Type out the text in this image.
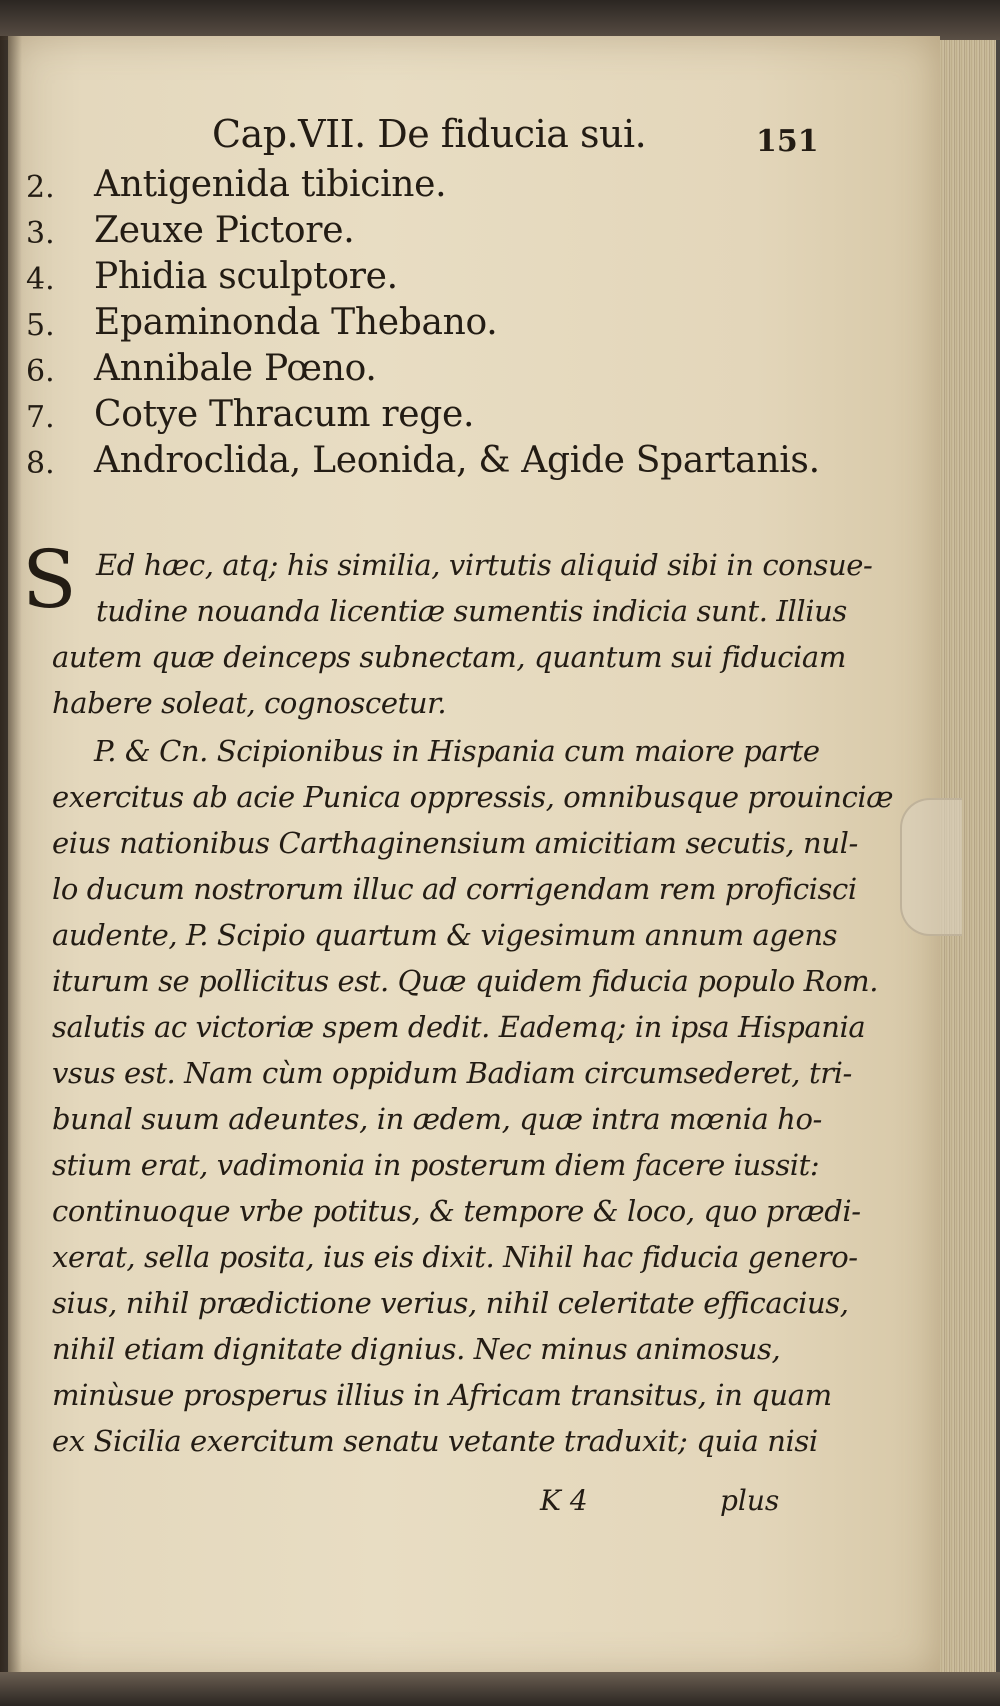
Cap.VII. De fiducia sui.	151
2. Antigenida tibicine.
3. Zeuxe Pictore.
4. Phidia sculptore.
5. Epaminonda Thebano.
6. Annibale Pœno.
7. Cotye Thracum rege.
8. Androclida, Leonida, & Agide Spartanis.
S Ed hæc, atq; his similia, virtutis aliquid sibi in consue-
tudine nouanda licentiæ sumentis indicia sunt. Illius
autem quæ deinceps subnectam, quantum sui fiduciam
habere soleat, cognoscetur.
P. & Cn. Scipionibus in Hispania cum maiore parte
exercitus ab acie Punica oppressis, omnibusque prouinciæ
eius nationibus Carthaginensium amicitiam secutis, nul-
lo ducum nostrorum illuc ad corrigendam rem proficisci
audente, P. Scipio quartum & vigesimum annum agens
iturum se pollicitus est. Quæ quidem fiducia populo Rom.
salutis ac victoriæ spem dedit. Eademq; in ipsa Hispania
vsus est. Nam cùm oppidum Badiam circumsederet, tri-
bunal suum adeuntes, in ædem, quæ intra mœnia ho-
stium erat, vadimonia in posterum diem facere iussit:
continuoque vrbe potitus, & tempore & loco, quo prædi-
xerat, sella posita, ius eis dixit. Nihil hac fiducia genero-
sius, nihil prædictione verius, nihil celeritate efficacius,
nihil etiam dignitate dignius. Nec minus animosus,
minùsue prosperus illius in Africam transitus, in quam
ex Sicilia exercitum senatu vetante traduxit; quia nisi
K 4	plus
